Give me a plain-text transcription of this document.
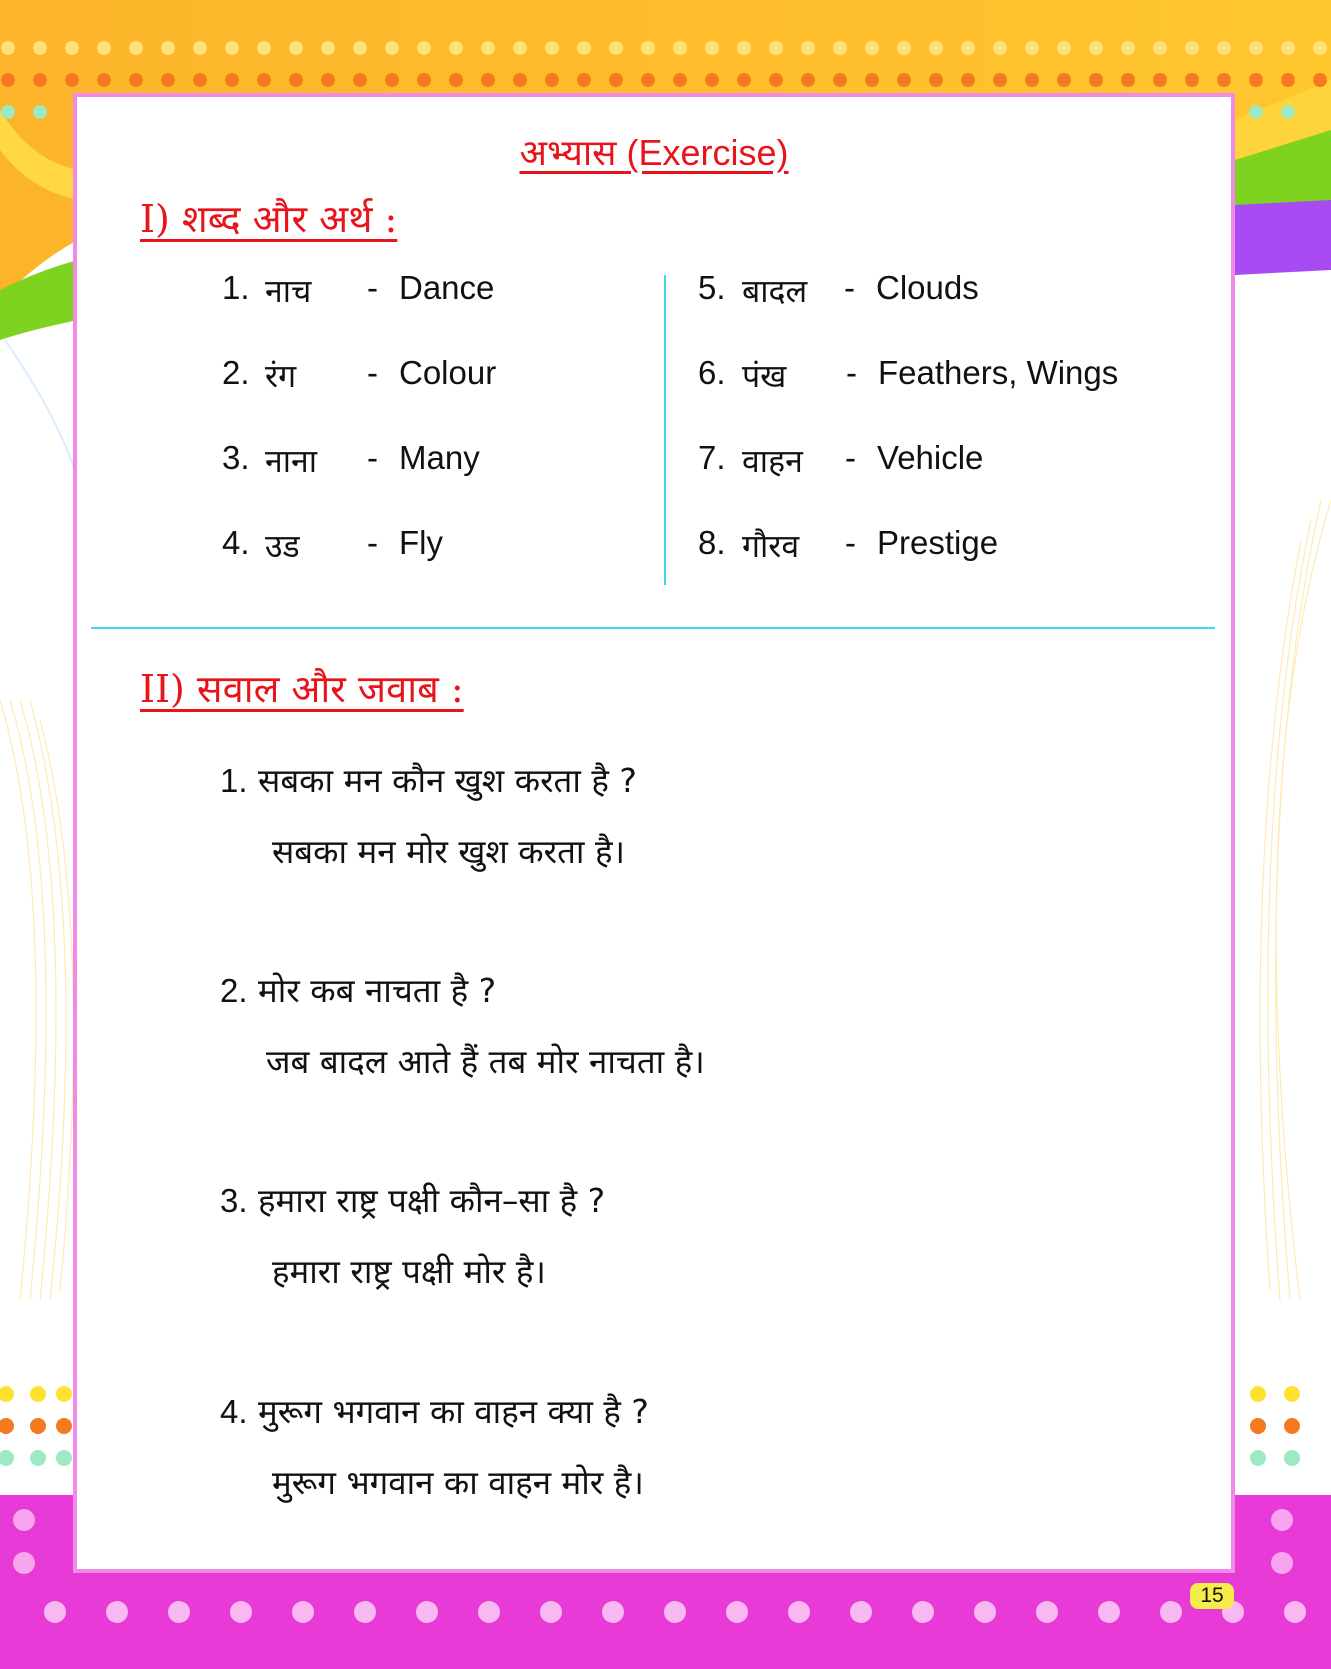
अभ्यास (Exercise)
I) शब्द और अर्थ :
1. नाच - Dance
2. रंग - Colour
3. नाना - Many
4. उड - Fly
5. बादल - Clouds
6. पंख - Feathers, Wings
7. वाहन - Vehicle
8. गौरव - Prestige
II) सवाल और जवाब :
1. सबका मन कौन खुश करता है ?
सबका मन मोर खुश करता है।
2. मोर कब नाचता है ?
जब बादल आते हैं तब मोर नाचता है।
3. हमारा राष्ट्र पक्षी कौन–सा है ?
हमारा राष्ट्र पक्षी मोर है।
4. मुरूग भगवान का वाहन क्या है ?
मुरूग भगवान का वाहन मोर है।
15
